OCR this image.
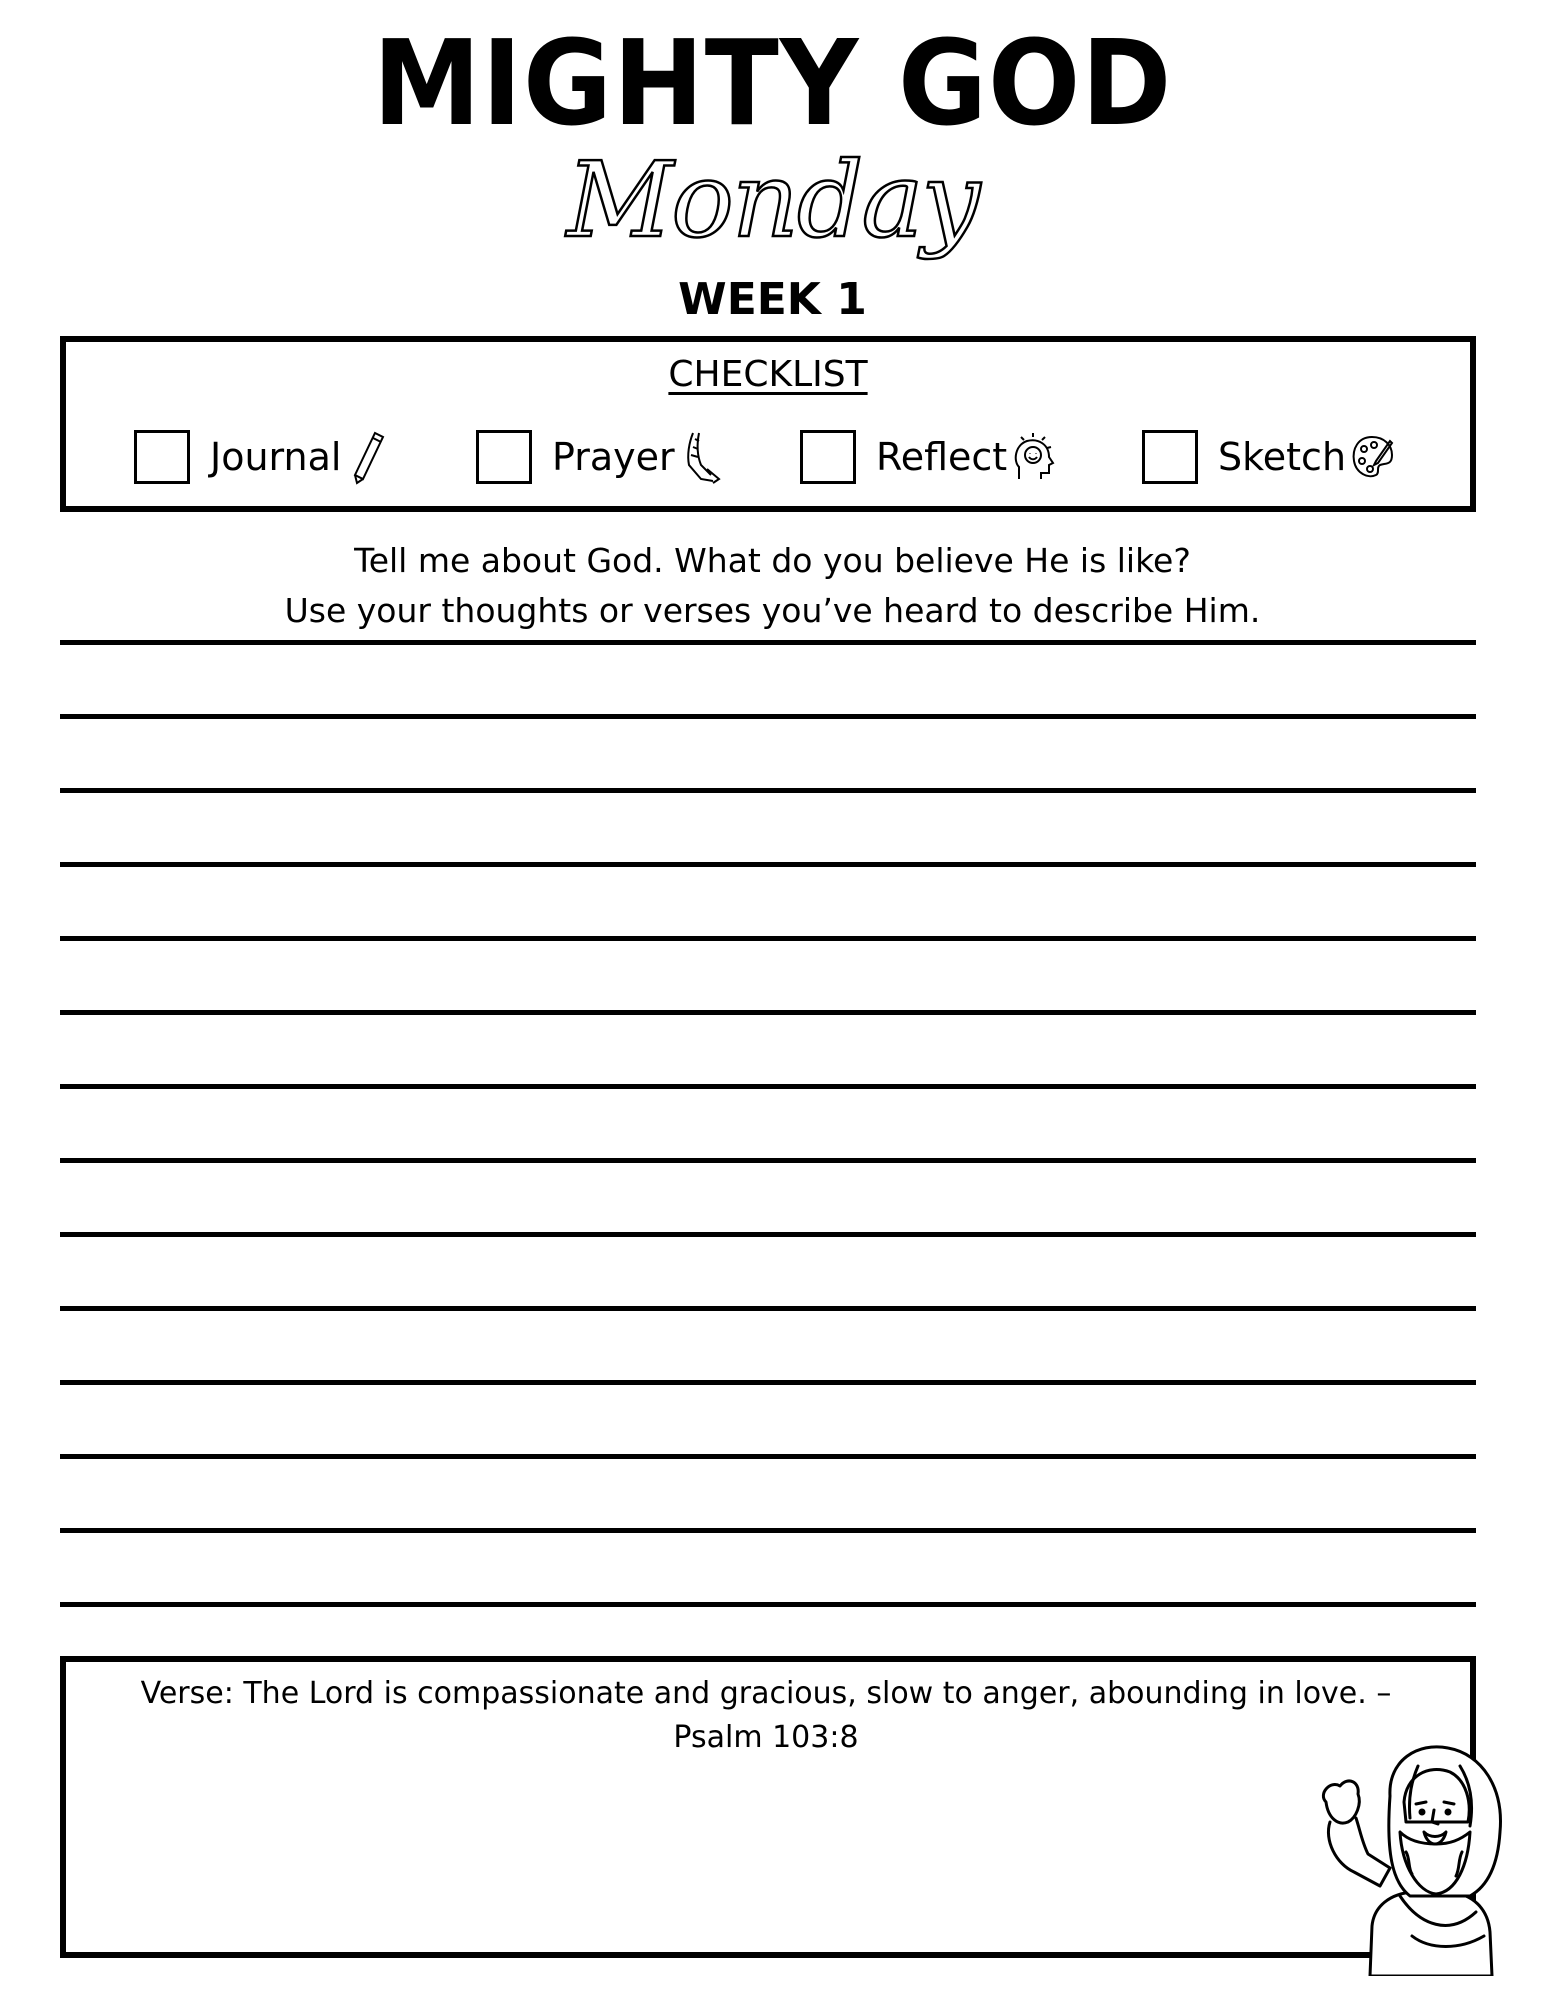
MIGHTY GOD
Monday
WEEK 1
CHECKLIST
Journal	Prayer	Reflect	Sketch
Tell me about God. What do you believe He is like?
Use your thoughts or verses you’ve heard to describe Him.
Verse: The Lord is compassionate and gracious, slow to anger, abounding in love. –
Psalm 103:8
